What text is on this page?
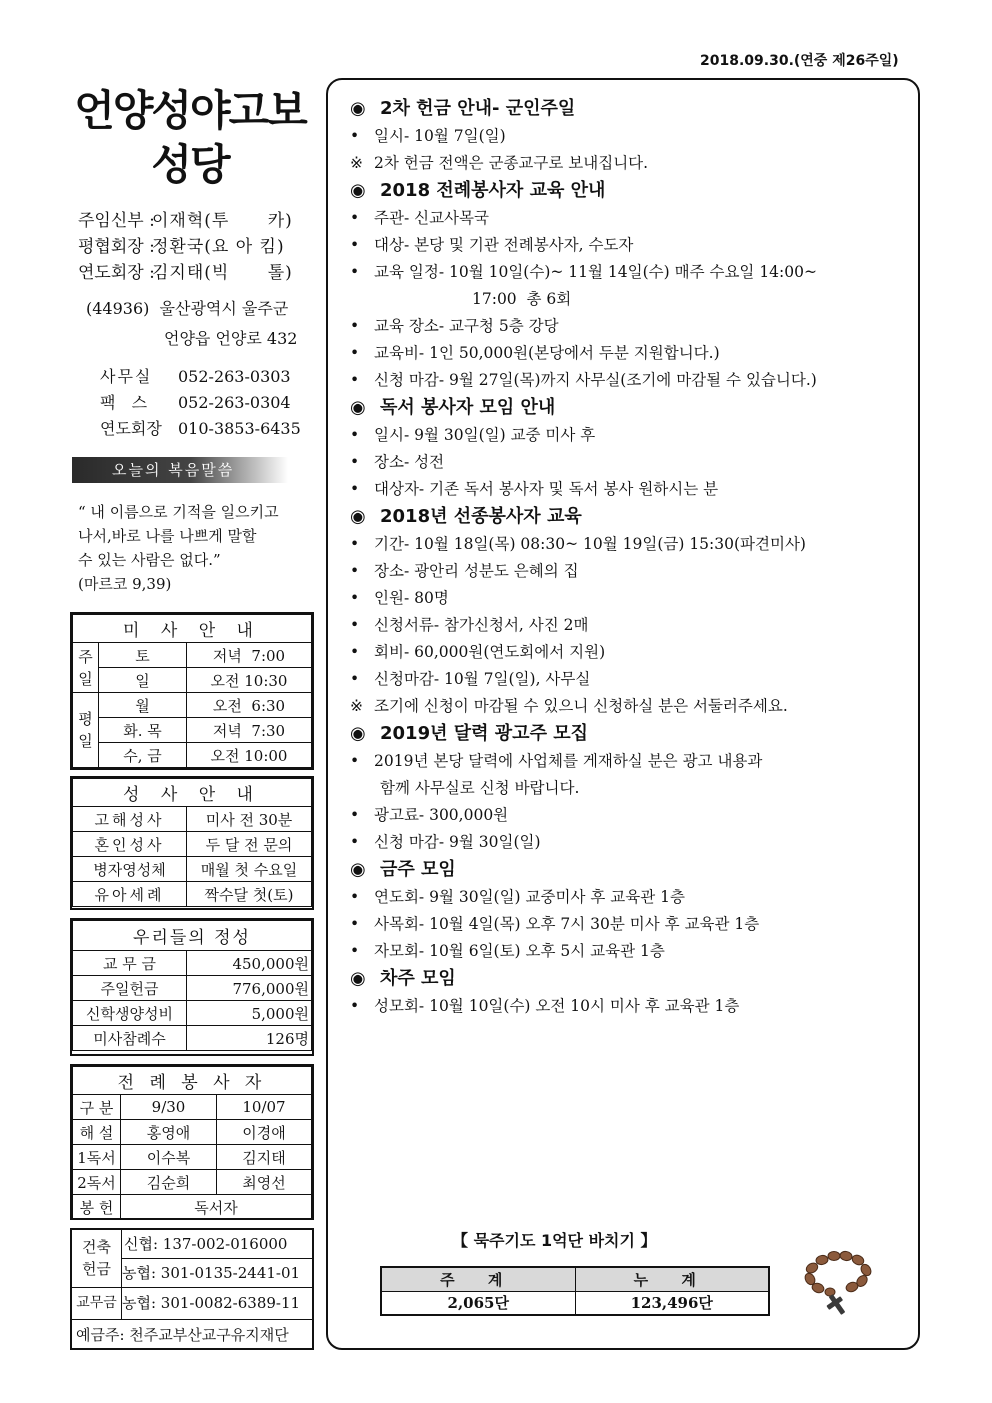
2018.09.30.(연중 제26주일)
언양성야고보
성당
주임신부 :
이재혁(투      카)
평협회장 :
정환국(요 아 킴)
연도회장 :
김지태(빅      톨)
(44936)  울산광역시 울주군
언양읍 언양로 432
사무실	052-263-0303
팩  스	052-263-0304
연도회장	010-3853-6435
오늘의 복음말씀
“ 내 이름으로 기적을 일으키고
나서,바로 나를 나쁘게 말할
수 있는 사람은 없다.”
(마르코 9,39)
미 사 안 내		
주
일	토	저녁  7:00
	일	오전 10:30
평
일	월	오전  6:30
	화. 목	저녁  7:30
	수, 금	오전 10:00
성 사 안 내	
고해성사	미사 전 30분
혼인성사	두 달 전 문의
병자영성체	매월 첫 수요일
유아세례	짝수달 첫(토)
우리들의 정성	
교 무 금	450,000원
주일헌금	776,000원
신학생양성비	5,000원
미사참례수	126명
전 례 봉 사 자		
구 분	9/30	10/07
해 설	홍영애	이경애
1독서	이수복	김지태
2독서	김순희	최영선
봉 헌	독서자	
건축
헌금
신협: 137-002-016000
농협: 301-0135-2441-01
교무금 농협: 301-0082-6389-11
예금주: 천주교부산교구유지재단
◉ 2차 헌금 안내- 군인주일
• 일시- 10월 7일(일)
※ 2차 헌금 전액은 군종교구로 보내집니다.
◉ 2018 전례봉사자 교육 안내
• 주관- 신교사목국
• 대상- 본당 및 기관 전례봉사자, 수도자
• 교육 일정- 10월 10일(수)~ 11월 14일(수) 매주 수요일 14:00~
17:00  총 6회
• 교육 장소- 교구청 5층 강당
• 교육비- 1인 50,000원(본당에서 두분 지원합니다.)
• 신청 마감- 9월 27일(목)까지 사무실(조기에 마감될 수 있습니다.)
◉ 독서 봉사자 모임 안내
• 일시- 9월 30일(일) 교중 미사 후
• 장소- 성전
• 대상자- 기존 독서 봉사자 및 독서 봉사 원하시는 분
◉ 2018년 선종봉사자 교육
• 기간- 10월 18일(목) 08:30~ 10월 19일(금) 15:30(파견미사)
• 장소- 광안리 성분도 은혜의 집
• 인원- 80명
• 신청서류- 참가신청서, 사진 2매
• 회비- 60,000원(연도회에서 지원)
• 신청마감- 10월 7일(일), 사무실
※ 조기에 신청이 마감될 수 있으니 신청하실 분은 서둘러주세요.
◉ 2019년 달력 광고주 모집
• 2019년 본당 달력에 사업체를 게재하실 분은 광고 내용과
함께 사무실로 신청 바랍니다.
• 광고료- 300,000원
• 신청 마감- 9월 30일(일)
◉ 금주 모임
• 연도회- 9월 30일(일) 교중미사 후 교육관 1층
• 사목회- 10월 4일(목) 오후 7시 30분 미사 후 교육관 1층
• 자모회- 10월 6일(토) 오후 5시 교육관 1층
◉ 차주 모임
• 성모회- 10월 10일(수) 오전 10시 미사 후 교육관 1층
【 묵주기도 1억단 바치기 】
주 계	누 계
2,065단	123,496단
